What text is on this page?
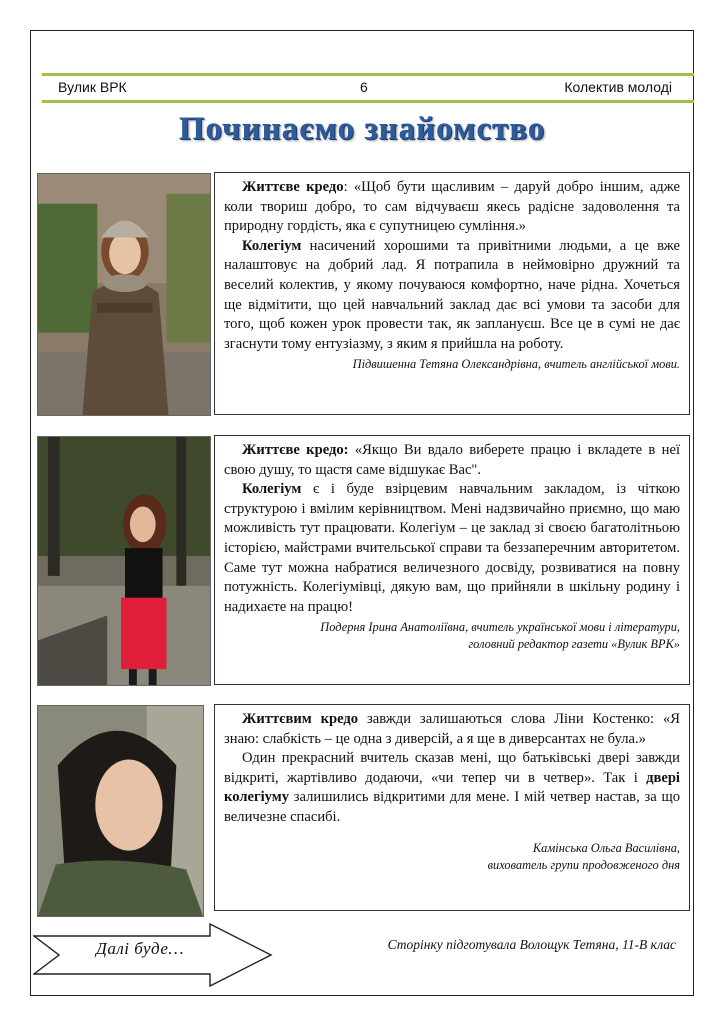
Вулик ВРК	6	Колектив молоді
Починаємо знайомство

Життєве кредо: «Щоб бути щасливим – даруй добро іншим, адже коли твориш добро, то сам відчуваєш якесь радісне задоволення та природну гордість, яка є супутницею сумління.»

Колегіум насичений хорошими та привітними людьми, а це вже налаштовує на добрий лад. Я потрапила в неймовірно дружний та веселий колектив, у якому почуваюся комфортно, наче рідна. Хочеться ще відмітити, що цей навчальний заклад дає всі умови та засоби для того, щоб кожен урок провести так, як заплануєш. Все це в сумі не дає згаснути тому ентузіазму, з яким я прийшла на роботу.

Підвишенна Тетяна Олександрівна, вчитель англійської мови.

Життєве кредо: «Якщо Ви вдало виберете працю і вкладете в неї свою душу, то щастя саме відшукає Вас".

Колегіум є і буде взірцевим навчальним закладом, із чіткою структурою і вмілим керівництвом. Мені надзвичайно приємно, що маю можливість тут працювати. Колегіум – це заклад зі своєю багатолітньою історією, майстрами вчительської справи та беззаперечним авторитетом. Саме тут можна набратися величезного досвіду, розвиватися на повну потужність. Колегіумівці, дякую вам, що прийняли в шкільну родину і надихаєте на працю!

Подерня Ірина Анатоліївна, вчитель української мови і літератури,
головний редактор газети «Вулик ВРК»

Життєвим кредо завжди залишаються слова Ліни Костенко: «Я знаю: слабкість – це одна з диверсій, а я ще в диверсантах не була.»

Один прекрасний вчитель сказав мені, що батьківські двері завжди відкриті, жартівливо додаючи, «чи тепер чи в четвер». Так і двері колегіуму залишились відкритими для мене. І мій четвер настав, за що величезне спасибі.

Камінська Ольга Василівна,
вихователь групи продовженого дня
Далі буде…	Сторінку підготувала Волощук Тетяна, 11-В клас
